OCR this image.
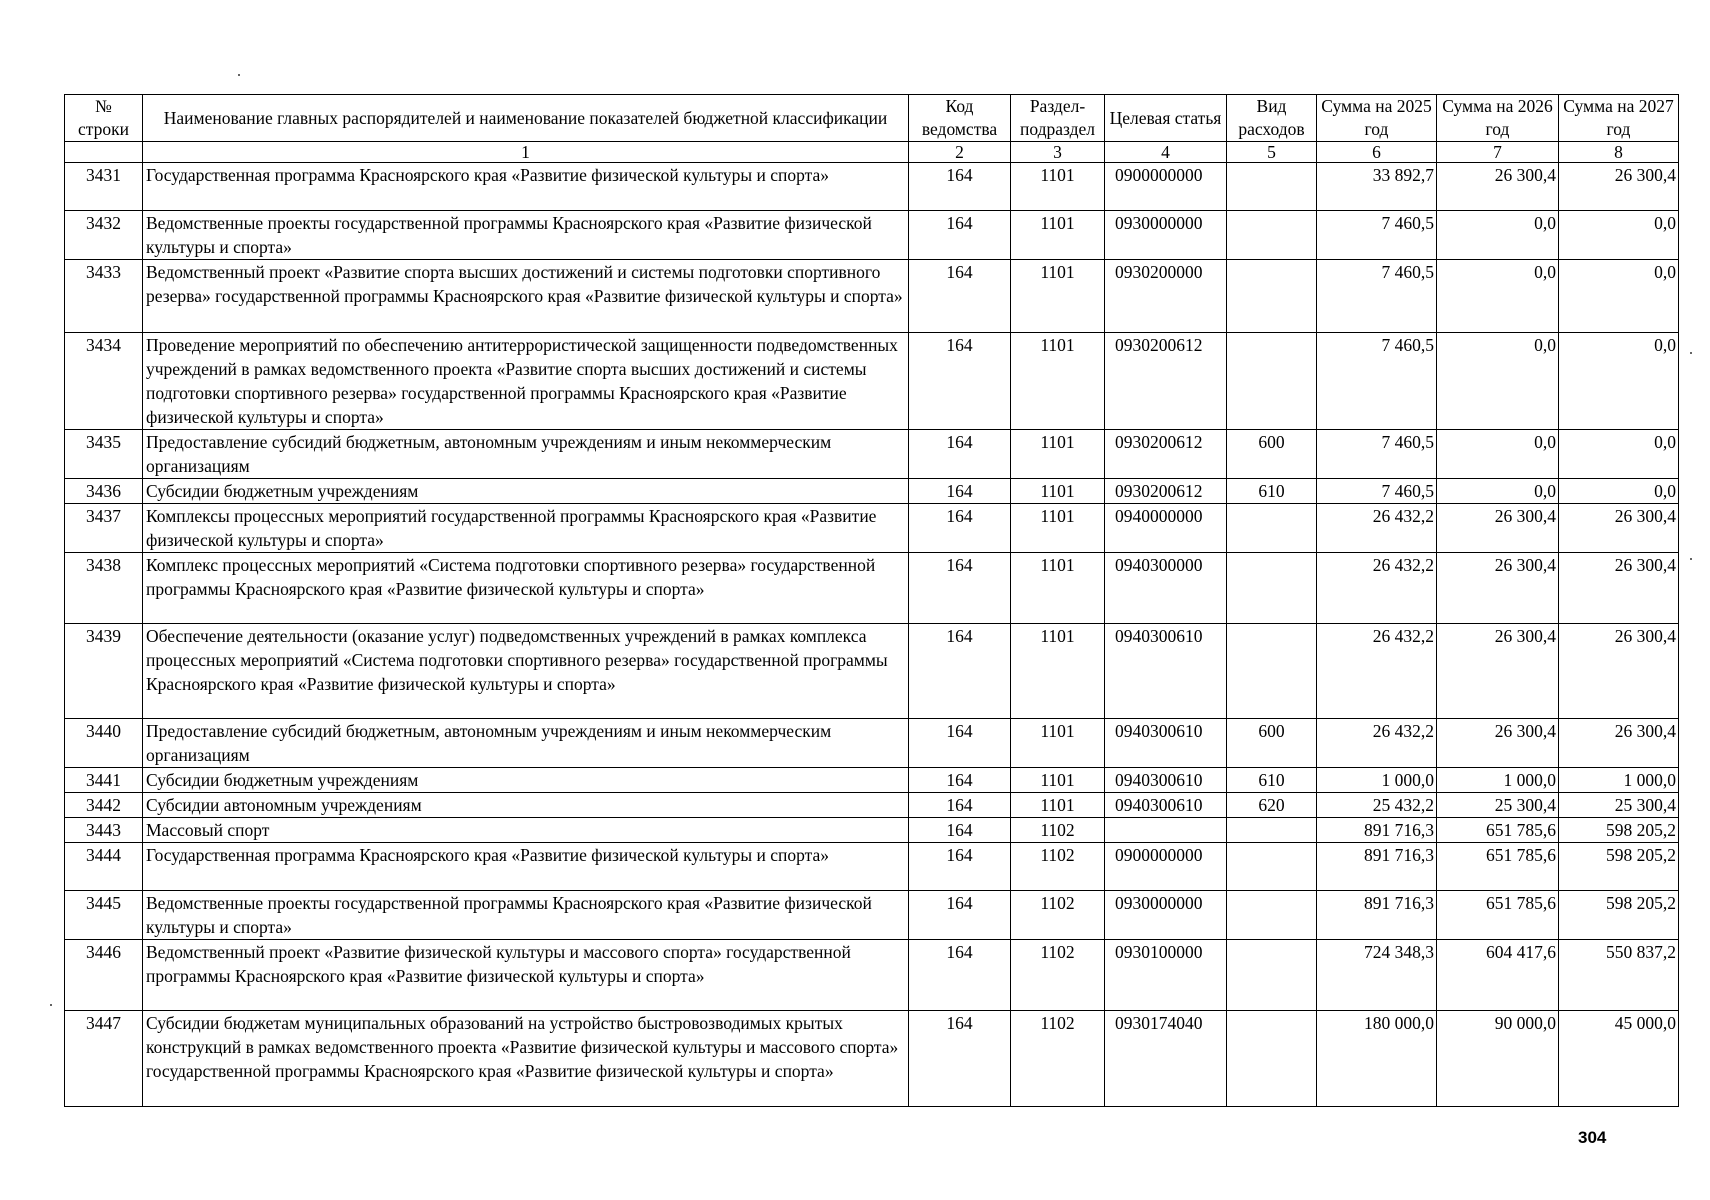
№ строки	Наименование главных распорядителей и наименование показателей бюджетной классификации	Код ведомства	Раздел-подраздел	Целевая статья	Вид расходов	Сумма на 2025 год	Сумма на 2026 год	Сумма на 2027 год
	1	2	3	4	5	6	7	8
3431	Государственная программа Красноярского края «Развитие физической культуры и спорта»	164	1101	0900000000		33 892,7	26 300,4	26 300,4
3432	Ведомственные проекты государственной программы Красноярского края «Развитие физической культуры и спорта»	164	1101	0930000000		7 460,5	0,0	0,0
3433	Ведомственный проект «Развитие спорта высших достижений и системы подготовки спортивного резерва» государственной программы Красноярского края «Развитие физической культуры и спорта»	164	1101	0930200000		7 460,5	0,0	0,0
3434	Проведение мероприятий по обеспечению антитеррористической защищенности подведомственных учреждений в рамках ведомственного проекта «Развитие спорта высших достижений и системы подготовки спортивного резерва» государственной программы Красноярского края «Развитие физической культуры и спорта»	164	1101	0930200612		7 460,5	0,0	0,0
3435	Предоставление субсидий бюджетным, автономным учреждениям и иным некоммерческим организациям	164	1101	0930200612	600	7 460,5	0,0	0,0
3436	Субсидии бюджетным учреждениям	164	1101	0930200612	610	7 460,5	0,0	0,0
3437	Комплексы процессных мероприятий государственной программы Красноярского края «Развитие физической культуры и спорта»	164	1101	0940000000		26 432,2	26 300,4	26 300,4
3438	Комплекс процессных мероприятий «Система подготовки спортивного резерва» государственной программы Красноярского края «Развитие физической культуры и спорта»	164	1101	0940300000		26 432,2	26 300,4	26 300,4
3439	Обеспечение деятельности (оказание услуг) подведомственных учреждений в рамках комплекса процессных мероприятий «Система подготовки спортивного резерва» государственной программы Красноярского края «Развитие физической культуры и спорта»	164	1101	0940300610		26 432,2	26 300,4	26 300,4
3440	Предоставление субсидий бюджетным, автономным учреждениям и иным некоммерческим организациям	164	1101	0940300610	600	26 432,2	26 300,4	26 300,4
3441	Субсидии бюджетным учреждениям	164	1101	0940300610	610	1 000,0	1 000,0	1 000,0
3442	Субсидии автономным учреждениям	164	1101	0940300610	620	25 432,2	25 300,4	25 300,4
3443	Массовый спорт	164	1102			891 716,3	651 785,6	598 205,2
3444	Государственная программа Красноярского края «Развитие физической культуры и спорта»	164	1102	0900000000		891 716,3	651 785,6	598 205,2
3445	Ведомственные проекты государственной программы Красноярского края «Развитие физической культуры и спорта»	164	1102	0930000000		891 716,3	651 785,6	598 205,2
3446	Ведомственный проект «Развитие физической культуры и массового спорта» государственной программы Красноярского края «Развитие физической культуры и спорта»	164	1102	0930100000		724 348,3	604 417,6	550 837,2
3447	Субсидии бюджетам муниципальных образований на устройство быстровозводимых крытых конструкций в рамках ведомственного проекта «Развитие физической культуры и массового спорта» государственной программы Красноярского края «Развитие физической культуры и спорта»	164	1102	0930174040		180 000,0	90 000,0	45 000,0
304
